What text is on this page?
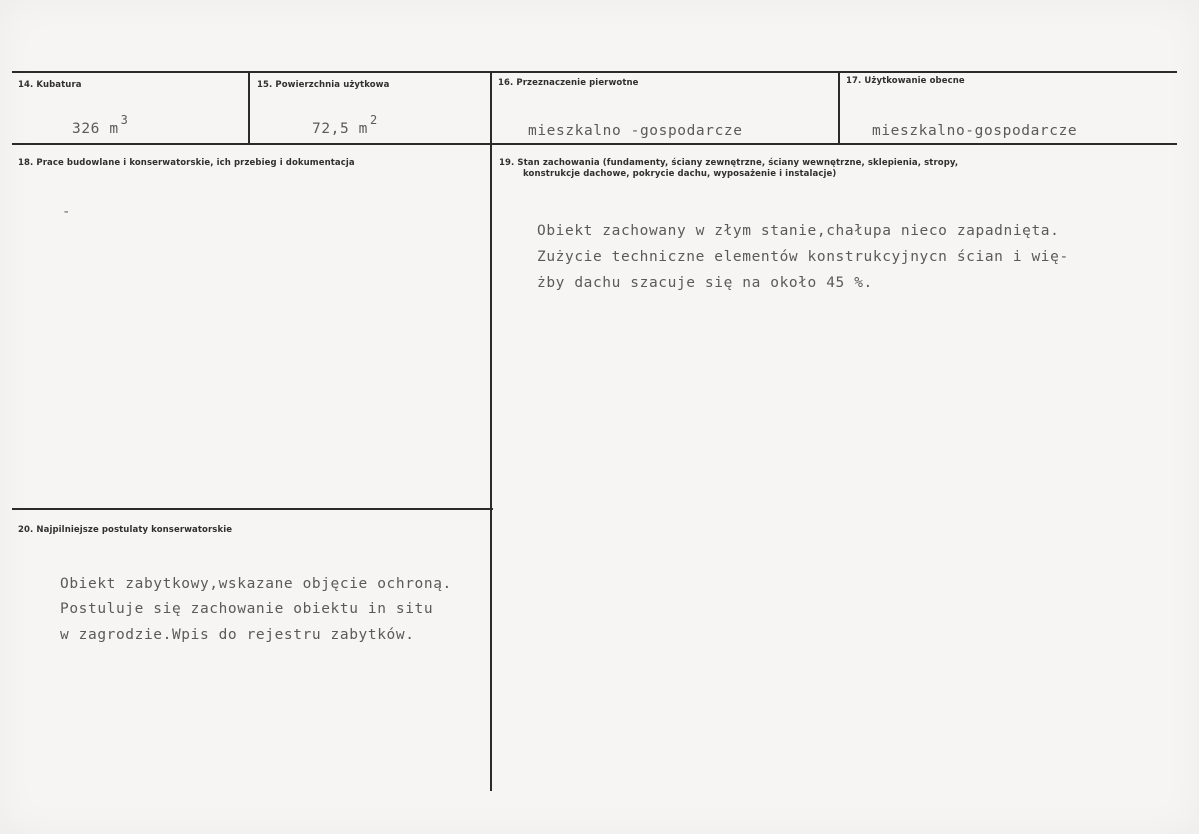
14. Kubatura
326 $m^3$
15. Powierzchnia użytkowa
72,5 $m^2$
16. Przeznaczenie pierwotne
mieszkalno -gospodarcze
17. Użytkowanie obecne
mieszkalno-gospodarcze
18. Prace budowlane i konserwatorskie, ich przebieg i dokumentacja
-
19. Stan zachowania (fundamenty, ściany zewnętrzne, ściany wewnętrzne, sklepienia, stropy,
konstrukcje dachowe, pokrycie dachu, wyposażenie i instalacje)
Obiekt zachowany w złym stanie,chałupa nieco zapadnięta.
Zużycie techniczne elementów konstrukcyjnycn ścian i wię-
żby dachu szacuje się na około 45 %.
20. Najpilniejsze postulaty konserwatorskie
Obiekt zabytkowy,wskazane objęcie ochroną.
Postuluje się zachowanie obiektu in situ
w zagrodzie.Wpis do rejestru zabytków.
